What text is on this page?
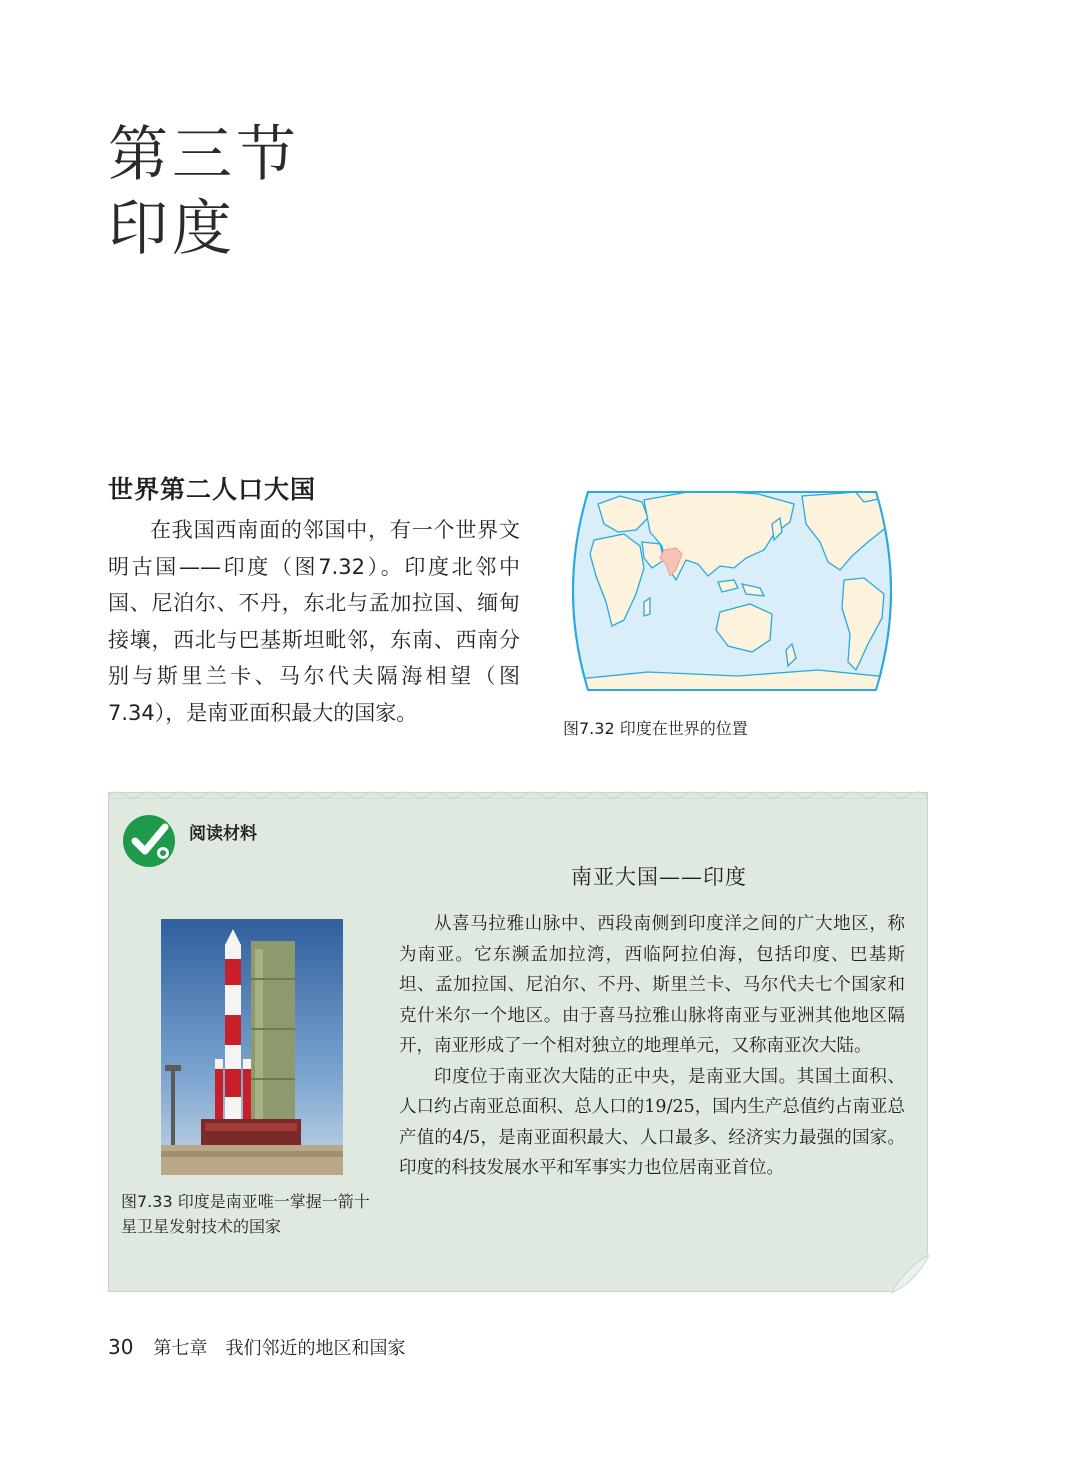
第三节
印度
世界第二人口大国
在我国西南面的邻国中，有一个世界文明古国——印度（图7.32）。印度北邻中国、尼泊尔、不丹，东北与孟加拉国、缅甸接壤，西北与巴基斯坦毗邻，东南、西南分别与斯里兰卡、马尔代夫隔海相望（图7.34），是南亚面积最大的国家。
图7.32 印度在世界的位置
阅读材料
南亚大国——印度
图7.33 印度是南亚唯一掌握一箭十星卫星发射技术的国家

从喜马拉雅山脉中、西段南侧到印度洋之间的广大地区，称为南亚。它东濒孟加拉湾，西临阿拉伯海，包括印度、巴基斯坦、孟加拉国、尼泊尔、不丹、斯里兰卡、马尔代夫七个国家和克什米尔一个地区。由于喜马拉雅山脉将南亚与亚洲其他地区隔开，南亚形成了一个相对独立的地理单元，又称南亚次大陆。

印度位于南亚次大陆的正中央，是南亚大国。其国土面积、人口约占南亚总面积、总人口的19/25，国内生产总值约占南亚总产值的4/5，是南亚面积最大、人口最多、经济实力最强的国家。印度的科技发展水平和军事实力也位居南亚首位。

30 第七章 我们邻近的地区和国家
